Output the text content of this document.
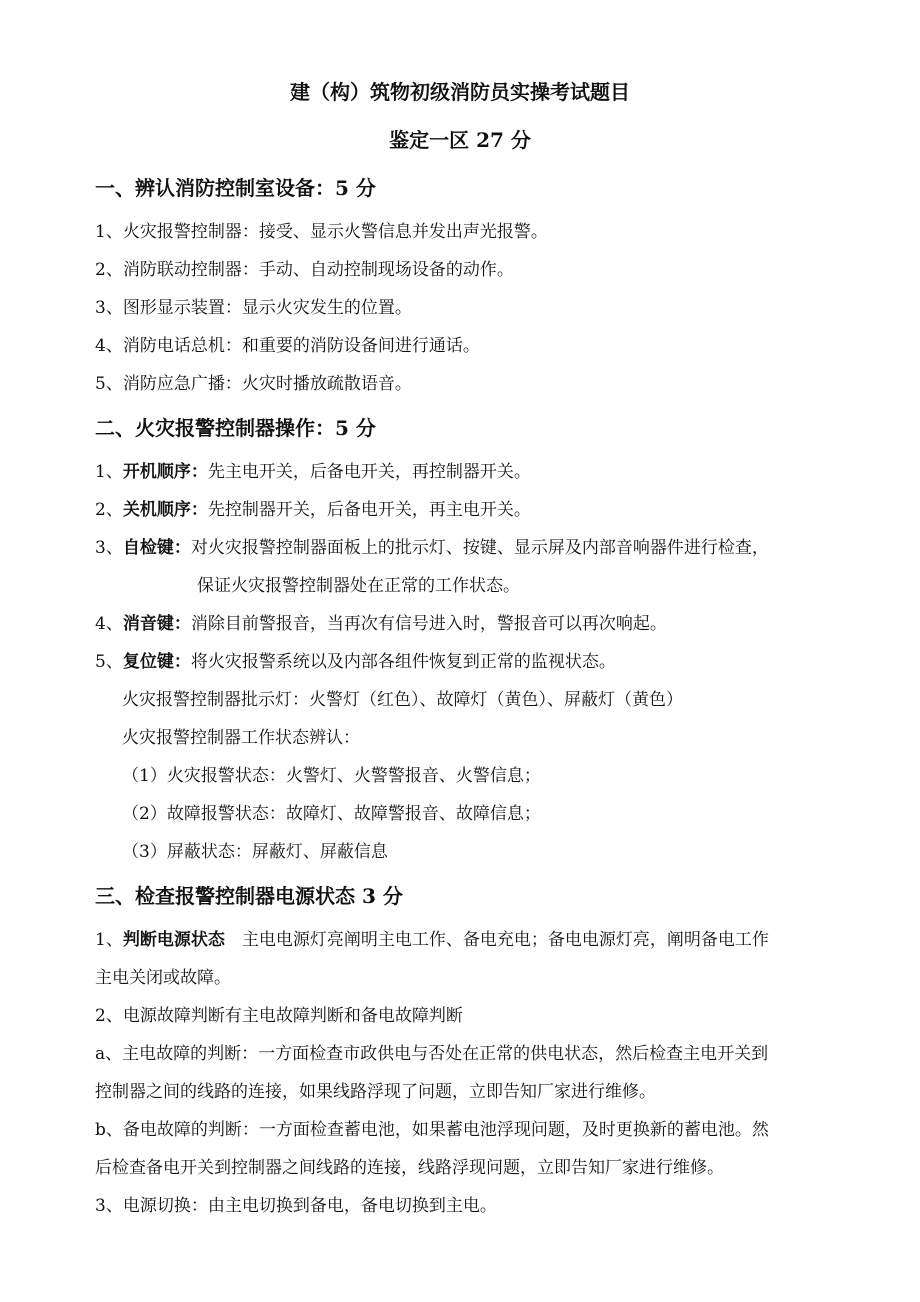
建（构）筑物初级消防员实操考试题目
鉴定一区 27 分
一、辨认消防控制室设备：5 分
1、火灾报警控制器：接受、显示火警信息并发出声光报警。
2、消防联动控制器：手动、自动控制现场设备的动作。
3、图形显示装置：显示火灾发生的位置。
4、消防电话总机：和重要的消防设备间进行通话。
5、消防应急广播：火灾时播放疏散语音。
二、火灾报警控制器操作：5 分
1、开机顺序：先主电开关，后备电开关，再控制器开关。
2、关机顺序：先控制器开关，后备电开关，再主电开关。
3、自检键：对火灾报警控制器面板上的批示灯、按键、显示屏及内部音响器件进行检查，
保证火灾报警控制器处在正常的工作状态。
4、消音键：消除目前警报音，当再次有信号进入时，警报音可以再次响起。
5、复位键：将火灾报警系统以及内部各组件恢复到正常的监视状态。
火灾报警控制器批示灯：火警灯（红色）、故障灯（黄色）、屏蔽灯（黄色）
火灾报警控制器工作状态辨认：
（1）火灾报警状态：火警灯、火警警报音、火警信息；
（2）故障报警状态：故障灯、故障警报音、故障信息；
（3）屏蔽状态：屏蔽灯、屏蔽信息
三、检查报警控制器电源状态 3 分
1、判断电源状态　主电电源灯亮阐明主电工作、备电充电；备电电源灯亮，阐明备电工作
主电关闭或故障。
2、电源故障判断有主电故障判断和备电故障判断
a、主电故障的判断：一方面检查市政供电与否处在正常的供电状态，然后检查主电开关到
控制器之间的线路的连接，如果线路浮现了问题，立即告知厂家进行维修。
b、备电故障的判断：一方面检查蓄电池，如果蓄电池浮现问题，及时更换新的蓄电池。然
后检查备电开关到控制器之间线路的连接，线路浮现问题，立即告知厂家进行维修。
3、电源切换：由主电切换到备电，备电切换到主电。
